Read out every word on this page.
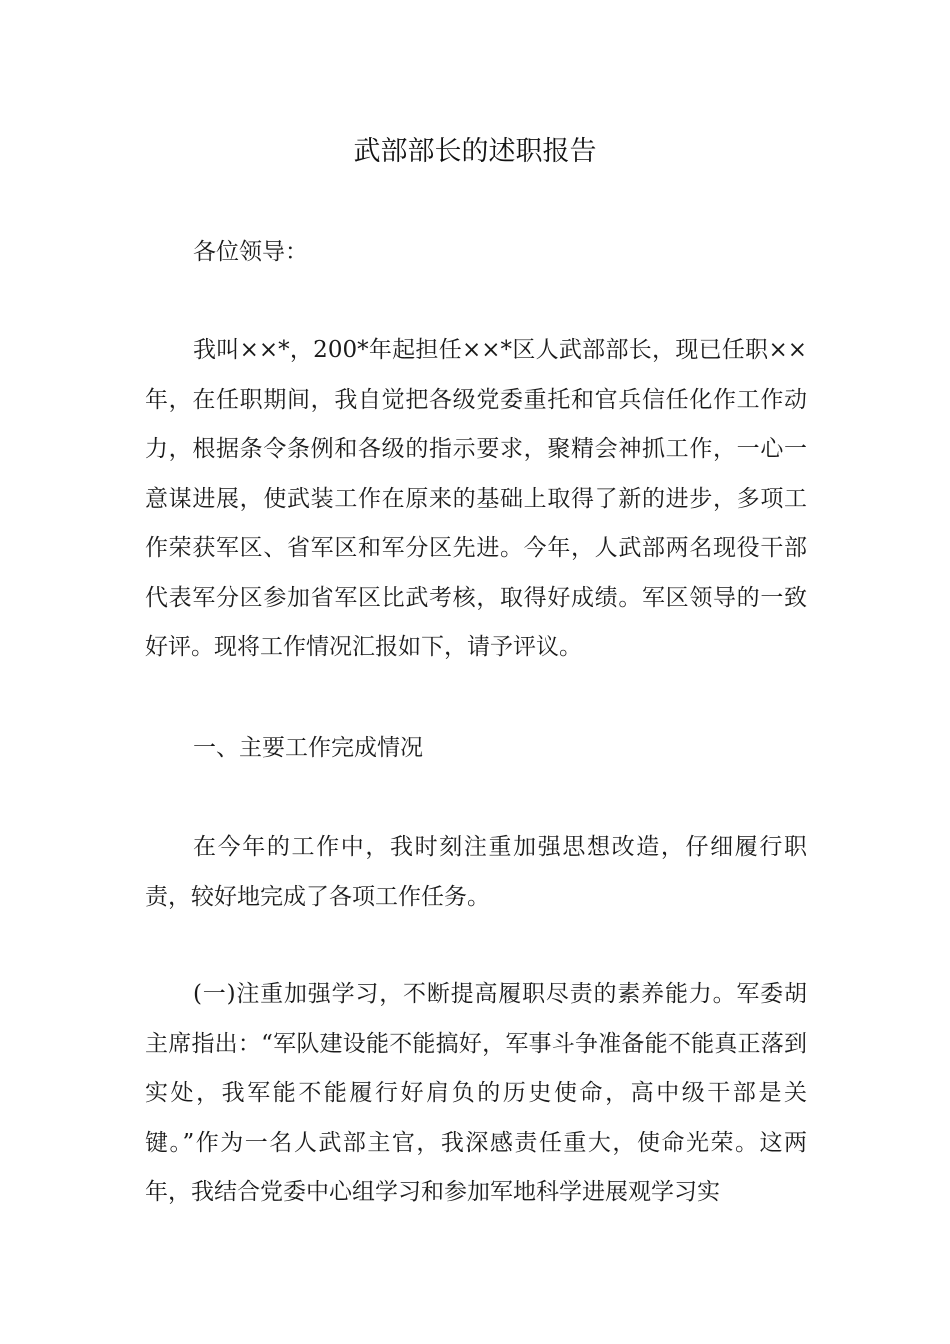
武部部长的述职报告

各位领导：

我叫××*，200*年起担任××*区人武部部长，现已任职××年，在任职期间，我自觉把各级党委重托和官兵信任化作工作动力，根据条令条例和各级的指示要求，聚精会神抓工作，一心一意谋进展，使武装工作在原来的基础上取得了新的进步，多项工作荣获军区、省军区和军分区先进。今年，人武部两名现役干部代表军分区参加省军区比武考核，取得好成绩。军区领导的一致好评。现将工作情况汇报如下，请予评议。

一、主要工作完成情况

在今年的工作中，我时刻注重加强思想改造，仔细履行职责，较好地完成了各项工作任务。

(一)注重加强学习，不断提高履职尽责的素养能力。军委胡主席指出：“军队建设能不能搞好，军事斗争准备能不能真正落到实处，我军能不能履行好肩负的历史使命，高中级干部是关键。”作为一名人武部主官，我深感责任重大，使命光荣。这两年，我结合党委中心组学习和参加军地科学进展观学习实
